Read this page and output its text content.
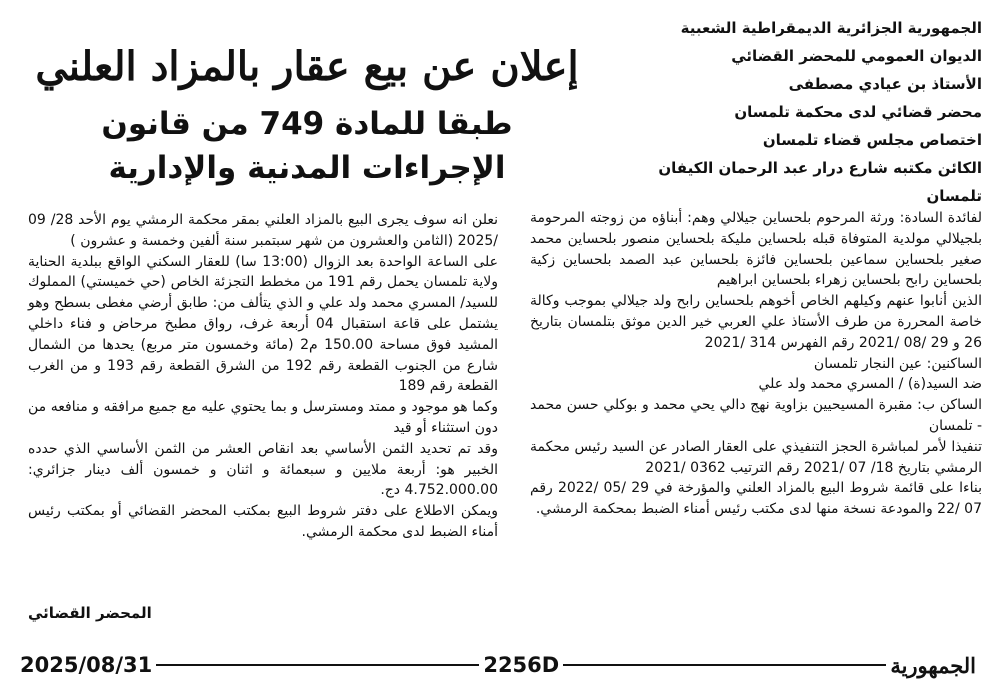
الجمهورية الجزائرية الديمقراطية الشعبية
الديوان العمومي للمحضر القضائي
الأستاذ بن عيادي مصطفى
محضر قضائي لدى محكمة تلمسان
اختصاص مجلس قضاء تلمسان
الكائن مكتبه شارع درار عبد الرحمان الكيفان
تلمسان
إعلان عن بيع عقار بالمزاد العلني
طبقا للمادة 749 من قانون الإجراءات المدنية والإدارية

لفائدة السادة: ورثة المرحوم بلحساين جيلالي وهم: أبناؤه من زوجته المرحومة بلجيلالي مولدية المتوفاة قبله بلحساين مليكة بلحساين منصور بلحساين محمد صغير بلحساين سماعين بلحساين فائزة بلحساين عبد الصمد بلحساين زكية بلحساين رابح بلحساين زهراء بلحساين ابراهيم

الذين أنابوا عنهم وكيلهم الخاص أخوهم بلحساين رابح ولد جيلالي بموجب وكالة خاصة المحررة من طرف الأستاذ علي العربي خير الدين موثق بتلمسان بتاريخ 26 و 29 /08 /2021 رقم الفهرس 314 /2021

الساكنين: عين النجار تلمسان

ضد السيد(ة) / المسري محمد ولد علي

الساكن ب: مقبرة المسيحيين بزاوية نهج دالي يحي محمد و بوكلي حسن محمد - تلمسان

تنفيذا لأمر لمباشرة الحجز التنفيذي على العقار الصادر عن السيد رئيس محكمة الرمشي بتاريخ 18/ 07 /2021 رقم الترتيب 0362 /2021

بناءا على قائمة شروط البيع بالمزاد العلني والمؤرخة في 29 /05 /2022 رقم 07 /22 والمودعة نسخة منها لدى مكتب رئيس أمناء الضبط بمحكمة الرمشي.

نعلن انه سوف يجرى البيع بالمزاد العلني بمقر محكمة الرمشي يوم الأحد 28/ 09 /2025 (الثامن والعشرون من شهر سبتمبر سنة ألفين وخمسة و عشرون )

على الساعة الواحدة بعد الزوال (13:00 سا) للعقار السكني الواقع ببلدية الحناية ولاية تلمسان يحمل رقم 191 من مخطط التجزئة الخاص (حي خميستي) المملوك للسيد/ المسري محمد ولد علي و الذي يتألف من: طابق أرضي مغطى بسطح وهو يشتمل على قاعة استقبال 04 أربعة غرف، رواق مطبخ مرحاض و فناء داخلي المشيد فوق مساحة 150.00 م2 (مائة وخمسون متر مربع) يحدها من الشمال شارع من الجنوب القطعة رقم 192 من الشرق القطعة رقم 193 و من الغرب القطعة رقم 189

وكما هو موجود و ممتد ومسترسل و بما يحتوي عليه مع جميع مرافقه و منافعه من دون استثناء أو قيد

وقد تم تحديد الثمن الأساسي بعد انقاص العشر من الثمن الأساسي الذي حدده الخبير هو: أربعة ملايين و سبعمائة و اثنان و خمسون ألف دينار جزائري: 4.752.000.00 دج.

ويمكن الاطلاع على دفتر شروط البيع بمكتب المحضر القضائي أو بمكتب رئيس أمناء الضبط لدى محكمة الرمشي.

المحضر القضائي
2025/08/31	2256D	الجمهورية
